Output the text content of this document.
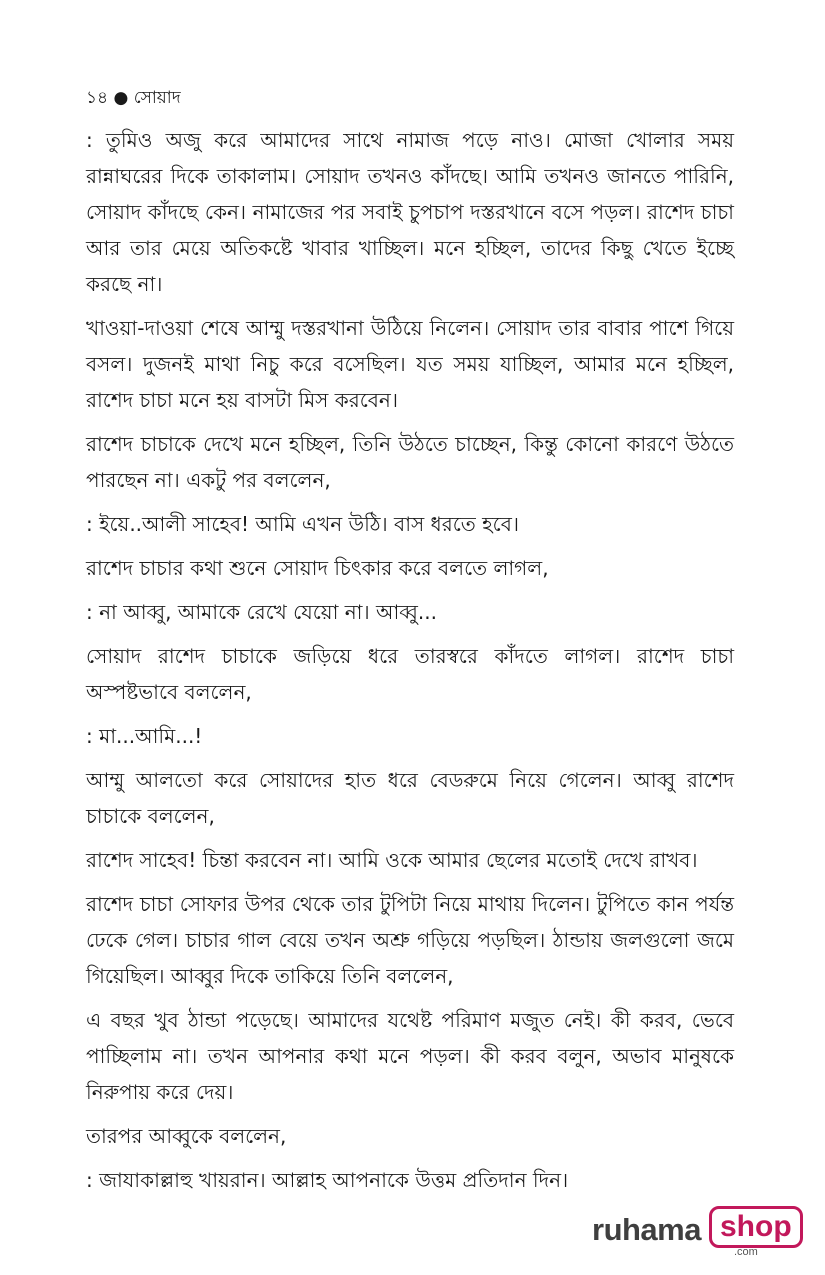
১৪ ● সোয়াদ

: তুমিও অজু করে আমাদের সাথে নামাজ পড়ে নাও। মোজা খোলার সময় রান্নাঘরের দিকে তাকালাম। সোয়াদ তখনও কাঁদছে। আমি তখনও জানতে পারিনি, সোয়াদ কাঁদছে কেন। নামাজের পর সবাই চুপচাপ দস্তরখানে বসে পড়ল। রাশেদ চাচা আর তার মেয়ে অতিকষ্টে খাবার খাচ্ছিল। মনে হচ্ছিল, তাদের কিছু খেতে ইচ্ছে করছে না।

খাওয়া-দাওয়া শেষে আম্মু দস্তরখানা উঠিয়ে নিলেন। সোয়াদ তার বাবার পাশে গিয়ে বসল। দুজনই মাথা নিচু করে বসেছিল। যত সময় যাচ্ছিল, আমার মনে হচ্ছিল, রাশেদ চাচা মনে হয় বাসটা মিস করবেন।

রাশেদ চাচাকে দেখে মনে হচ্ছিল, তিনি উঠতে চাচ্ছেন, কিন্তু কোনো কারণে উঠতে পারছেন না। একটু পর বললেন,

: ইয়ে..আলী সাহেব! আমি এখন উঠি। বাস ধরতে হবে।

রাশেদ চাচার কথা শুনে সোয়াদ চিৎকার করে বলতে লাগল,

: না আব্বু, আমাকে রেখে যেয়ো না। আব্বু...

সোয়াদ রাশেদ চাচাকে জড়িয়ে ধরে তারস্বরে কাঁদতে লাগল। রাশেদ চাচা অস্পষ্টভাবে বললেন,

: মা...আমি...!

আম্মু আলতো করে সোয়াদের হাত ধরে বেডরুমে নিয়ে গেলেন। আব্বু রাশেদ চাচাকে বললেন,

রাশেদ সাহেব! চিন্তা করবেন না। আমি ওকে আমার ছেলের মতোই দেখে রাখব।

রাশেদ চাচা সোফার উপর থেকে তার টুপিটা নিয়ে মাথায় দিলেন। টুপিতে কান পর্যন্ত ঢেকে গেল। চাচার গাল বেয়ে তখন অশ্রু গড়িয়ে পড়ছিল। ঠান্ডায় জলগুলো জমে গিয়েছিল। আব্বুর দিকে তাকিয়ে তিনি বললেন,

এ বছর খুব ঠান্ডা পড়েছে। আমাদের যথেষ্ট পরিমাণ মজুত নেই। কী করব, ভেবে পাচ্ছিলাম না। তখন আপনার কথা মনে পড়ল। কী করব বলুন, অভাব মানুষকে নিরুপায় করে দেয়।

তারপর আব্বুকে বললেন,

: জাযাকাল্লাহু খায়রান। আল্লাহ আপনাকে উত্তম প্রতিদান দিন।

ruhama shop
.com
